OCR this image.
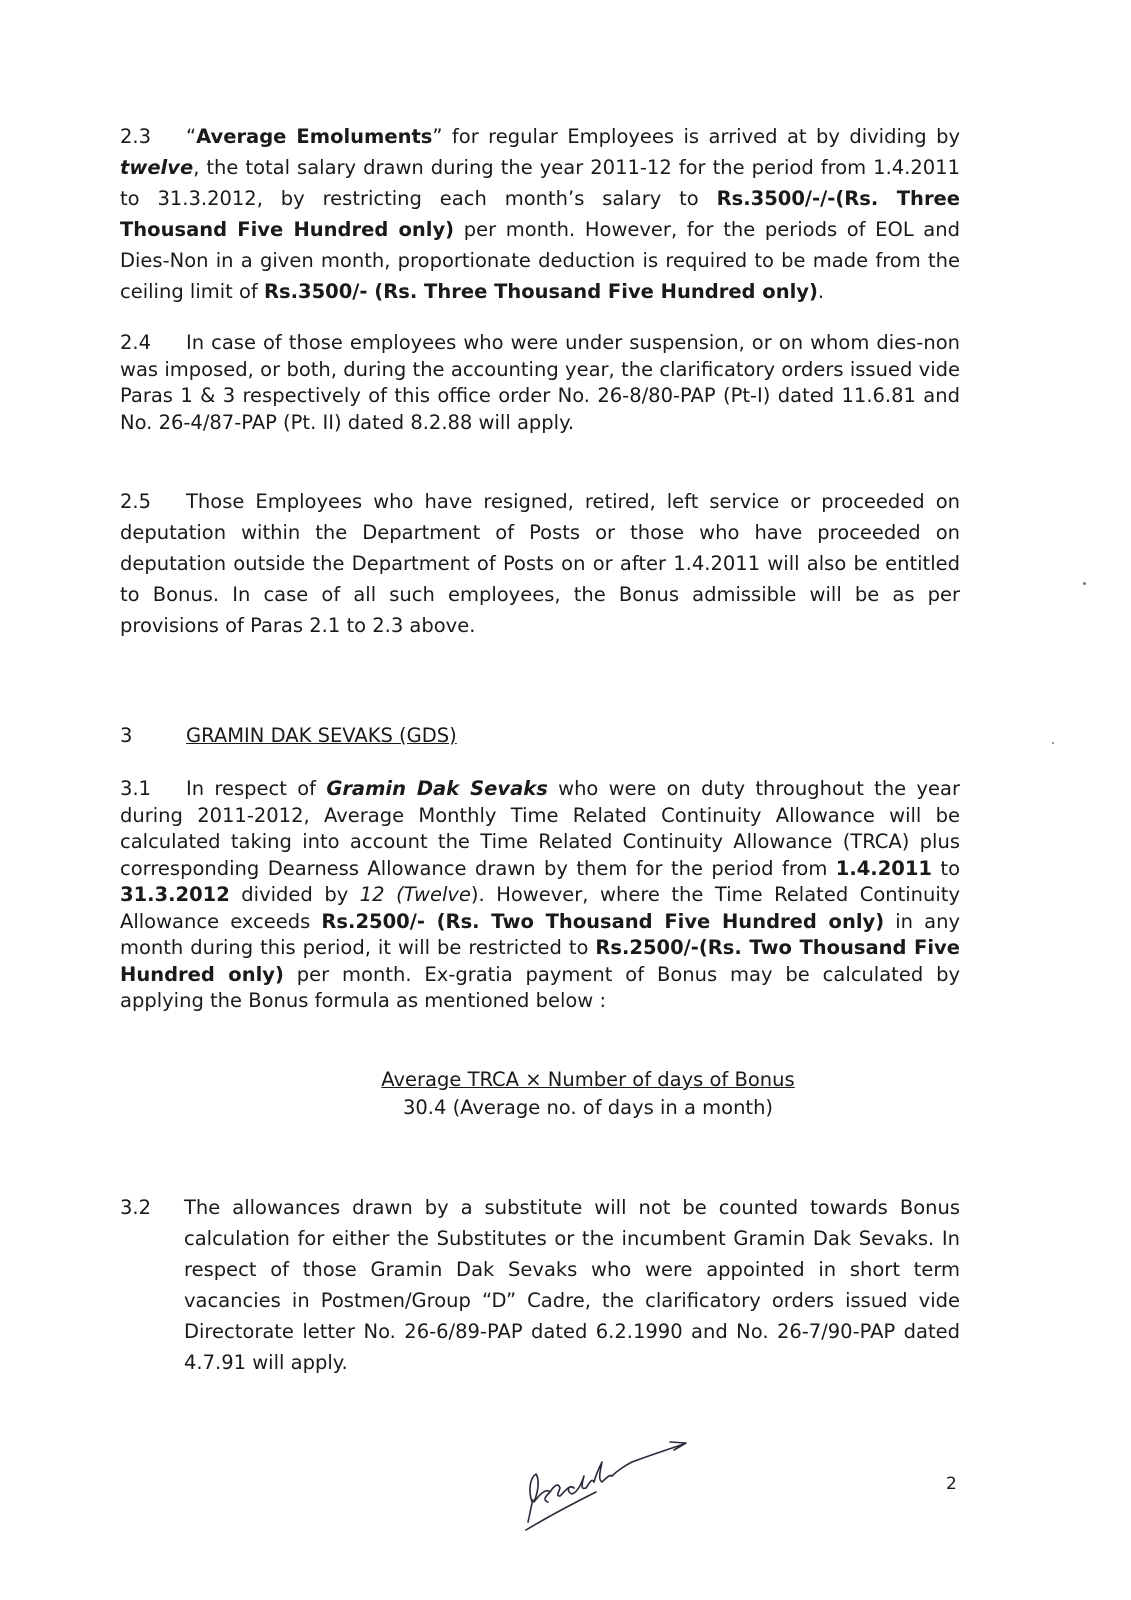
2.3 “Average Emoluments” for regular Employees is arrived at by dividing by twelve, the total salary drawn during the year 2011-12 for the period from 1.4.2011 to 31.3.2012, by restricting each month’s salary to Rs.3500/-/-(Rs. Three Thousand Five Hundred only) per month. However, for the periods of EOL and Dies-Non in a given month, proportionate deduction is required to be made from the ceiling limit of Rs.3500/- (Rs. Three Thousand Five Hundred only).

2.4 In case of those employees who were under suspension, or on whom dies-non was imposed, or both, during the accounting year, the clarificatory orders issued vide Paras 1 & 3 respectively of this office order No. 26-8/80-PAP (Pt-I) dated 11.6.81 and No. 26-4/87-PAP (Pt. II) dated 8.2.88 will apply.

2.5 Those Employees who have resigned, retired, left service or proceeded on deputation within the Department of Posts or those who have proceeded on deputation outside the Department of Posts on or after 1.4.2011 will also be entitled to Bonus. In case of all such employees, the Bonus admissible will be as per provisions of Paras 2.1 to 2.3 above.

3	GRAMIN DAK SEVAKS (GDS)

3.1 In respect of Gramin Dak Sevaks who were on duty throughout the year during 2011-2012, Average Monthly Time Related Continuity Allowance will be calculated taking into account the Time Related Continuity Allowance (TRCA) plus corresponding Dearness Allowance drawn by them for the period from 1.4.2011 to 31.3.2012 divided by 12 (Twelve). However, where the Time Related Continuity Allowance exceeds Rs.2500/- (Rs. Two Thousand Five Hundred only) in any month during this period, it will be restricted to Rs.2500/-(Rs. Two Thousand Five Hundred only) per month. Ex-gratia payment of Bonus may be calculated by applying the Bonus formula as mentioned below :

Average TRCA × Number of days of Bonus
30.4 (Average no. of days in a month)
3.2 The allowances drawn by a substitute will not be counted towards Bonus calculation for either the Substitutes or the incumbent Gramin Dak Sevaks. In respect of those Gramin Dak Sevaks who were appointed in short term vacancies in Postmen/Group “D” Cadre, the clarificatory orders issued vide Directorate letter No. 26-6/89-PAP dated 6.2.1990 and No. 26-7/90-PAP dated 4.7.91 will apply.
2
